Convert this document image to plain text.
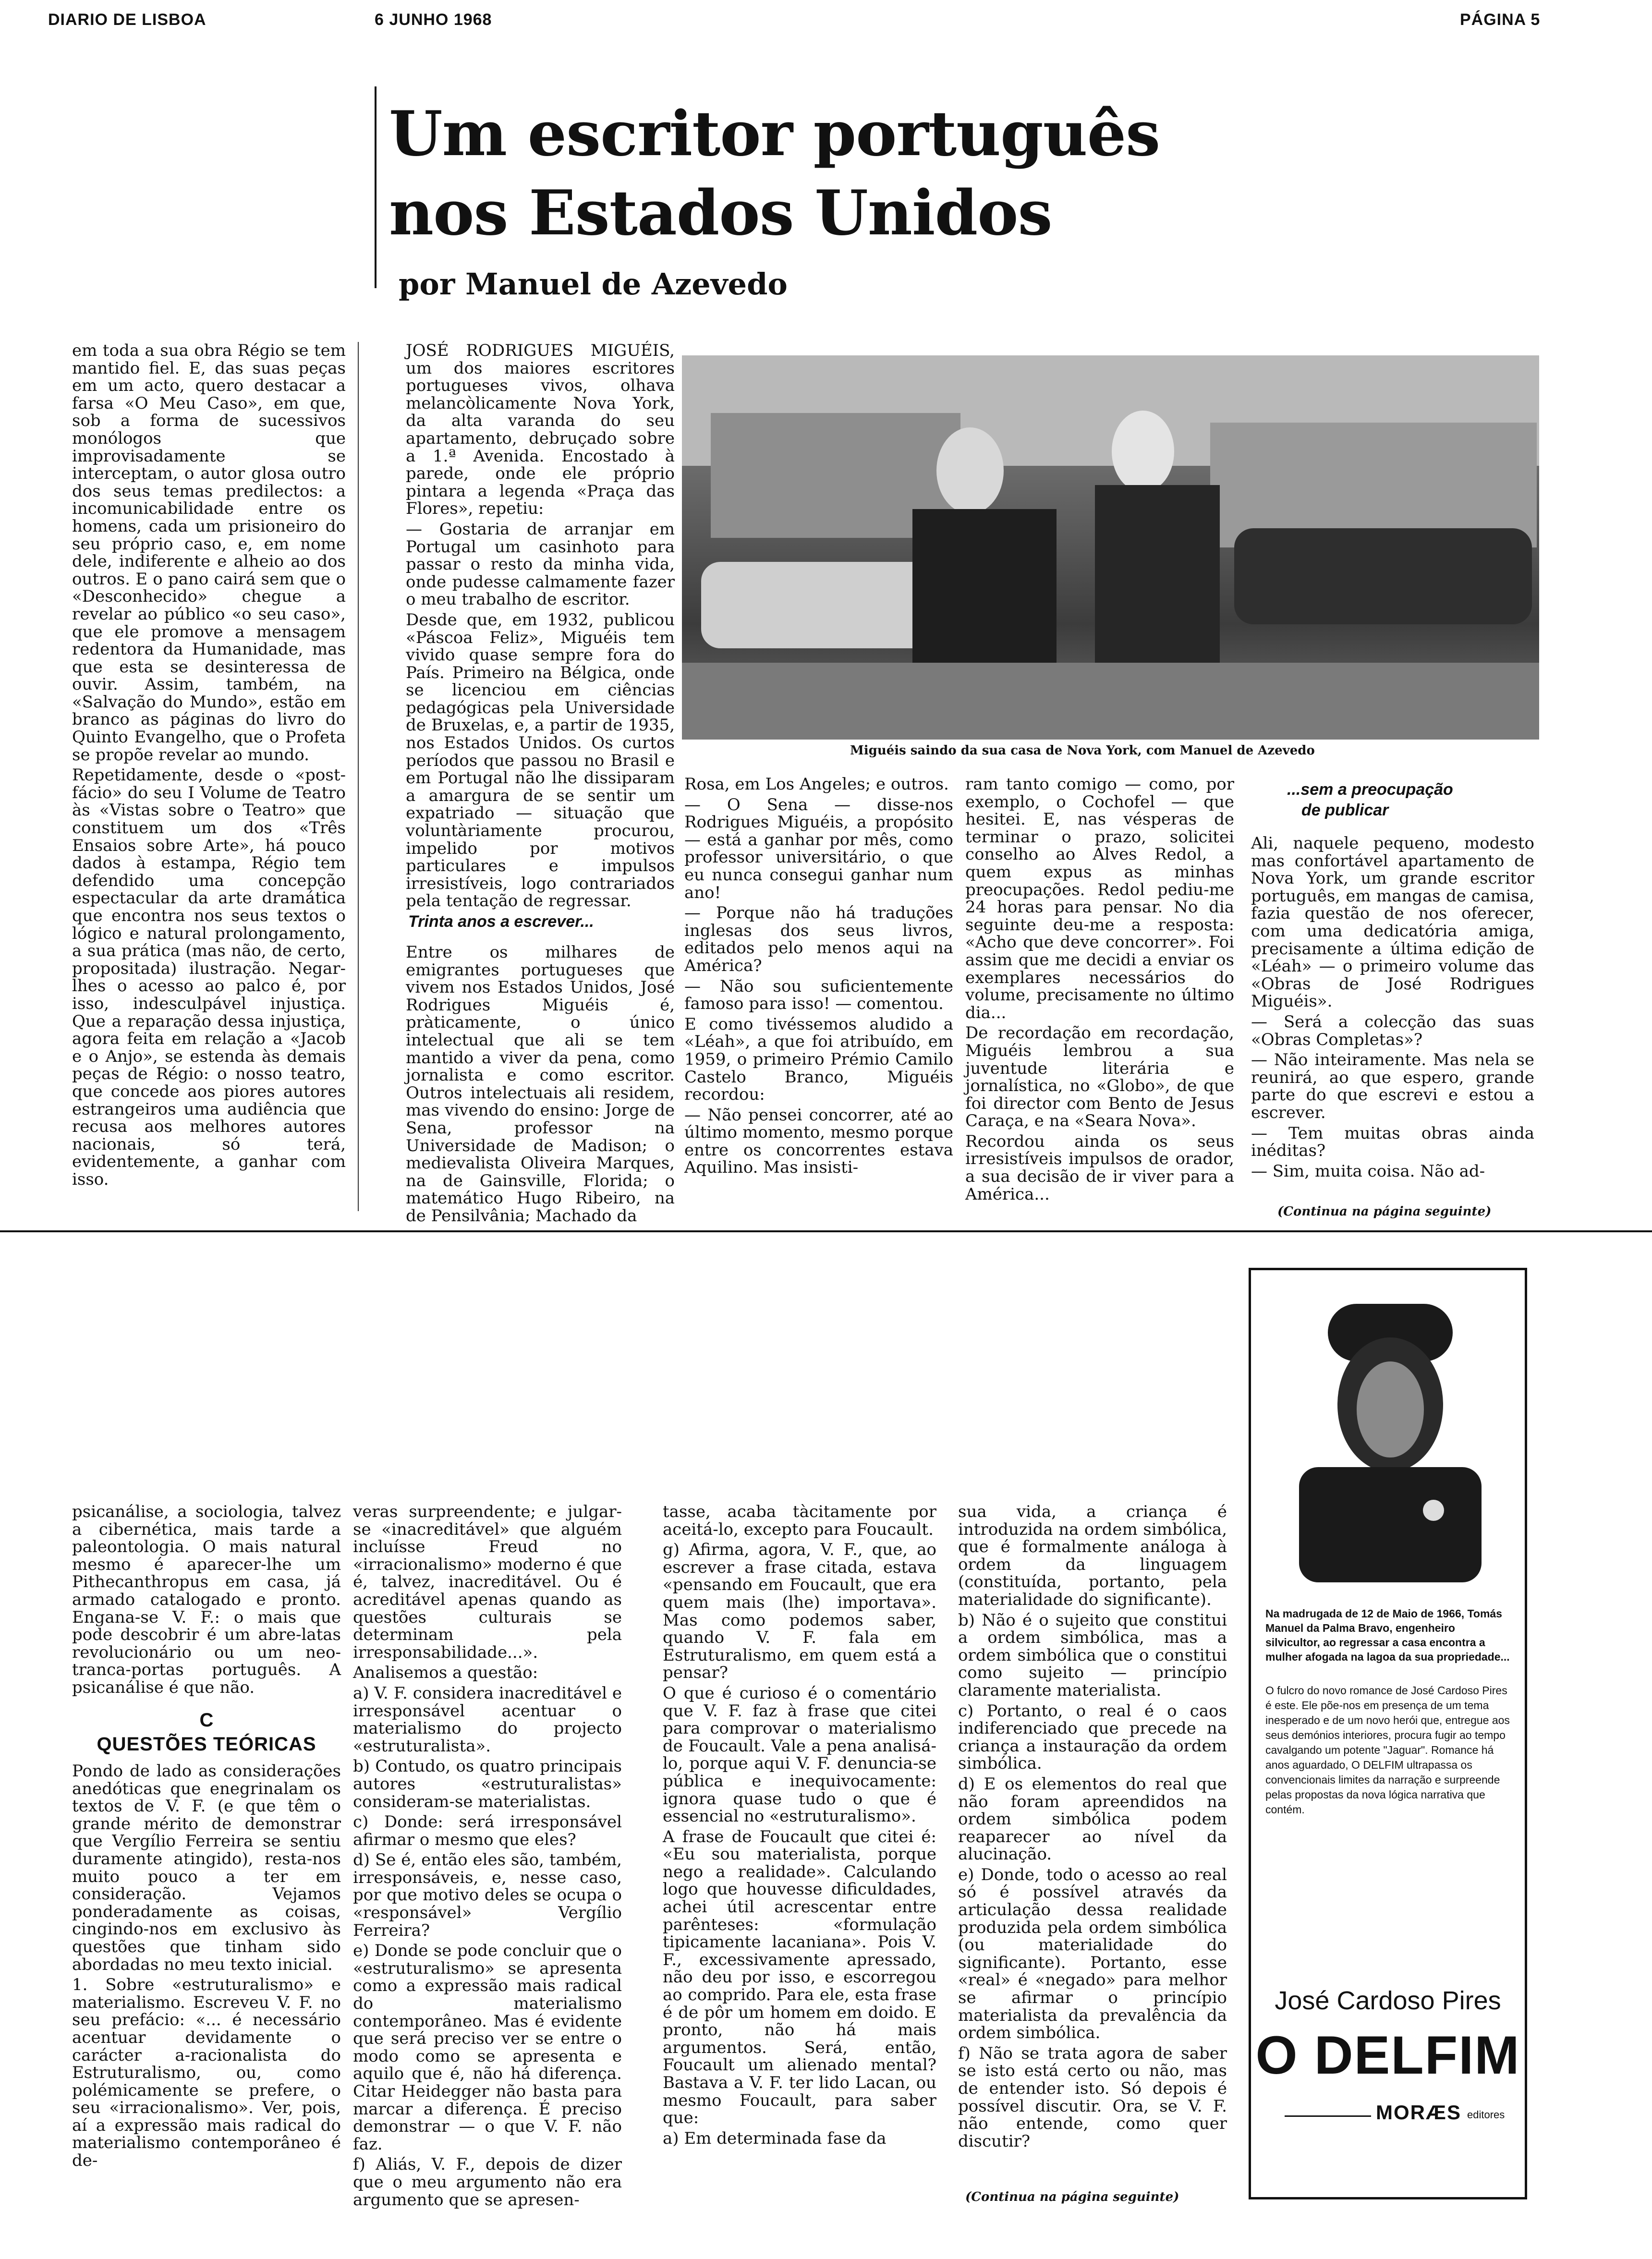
DIARIO DE LISBOA	6 JUNHO 1968	PÁGINA 5
Um escritor português
nos Estados Unidos
por Manuel de Azevedo

em toda a sua obra Régio se tem mantido fiel. E, das suas peças em um acto, quero destacar a farsa «O Meu Caso», em que, sob a forma de sucessivos monólogos que improvisadamente se interceptam, o autor glosa outro dos seus temas predilectos: a incomunicabilidade entre os homens, cada um prisioneiro do seu próprio caso, e, em nome dele, indiferente e alheio ao dos outros. E o pano cairá sem que o «Desconhecido» chegue a revelar ao público «o seu caso», que ele promove a mensagem redentora da Humanidade, mas que esta se desinteressa de ouvir. Assim, também, na «Salvação do Mundo», estão em branco as páginas do livro do Quinto Evangelho, que o Profeta se propõe revelar ao mundo.

Repetidamente, desde o «post-fácio» do seu I Volume de Teatro às «Vistas sobre o Teatro» que constituem um dos «Três Ensaios sobre Arte», há pouco dados à estampa, Régio tem defendido uma concepção espectacular da arte dramática que encontra nos seus textos o lógico e natural prolongamento, a sua prática (mas não, de certo, propositada) ilustração. Negar-lhes o acesso ao palco é, por isso, indesculpável injustiça. Que a reparação dessa injustiça, agora feita em relação a «Jacob e o Anjo», se estenda às demais peças de Régio: o nosso teatro, que concede aos piores autores estrangeiros uma audiência que recusa aos melhores autores nacionais, só terá, evidentemente, a ganhar com isso.

JOSÉ RODRIGUES MIGUÉIS, um dos maiores escritores portugueses vivos, olhava melancòlicamente Nova York, da alta varanda do seu apartamento, debruçado sobre a 1.ª Avenida. Encostado à parede, onde ele próprio pintara a legenda «Praça das Flores», repetiu:

— Gostaria de arranjar em Portugal um casinhoto para passar o resto da minha vida, onde pudesse calmamente fazer o meu trabalho de escritor.

Desde que, em 1932, publicou «Páscoa Feliz», Miguéis tem vivido quase sempre fora do País. Primeiro na Bélgica, onde se licenciou em ciências pedagógicas pela Universidade de Bruxelas, e, a partir de 1935, nos Estados Unidos. Os curtos períodos que passou no Brasil e em Portugal não lhe dissiparam a amargura de se sentir um expatriado — situação que voluntàriamente procurou, impelido por motivos particulares e impulsos irresistíveis, logo contrariados pela tentação de regressar.

Trinta anos a escrever...

Entre os milhares de emigrantes portugueses que vivem nos Estados Unidos, José Rodrigues Miguéis é, pràticamente, o único intelectual que ali se tem mantido a viver da pena, como jornalista e como escritor. Outros intelectuais ali residem, mas vivendo do ensino: Jorge de Sena, professor na Universidade de Madison; o medievalista Oliveira Marques, na de Gainsville, Florida; o matemático Hugo Ribeiro, na de Pensilvânia; Machado da

Miguéis saindo da sua casa de Nova York, com Manuel de Azevedo

Rosa, em Los Angeles; e outros.

— O Sena — disse-nos Rodrigues Miguéis, a propósito — está a ganhar por mês, como professor universitário, o que eu nunca consegui ganhar num ano!

— Porque não há traduções inglesas dos seus livros, editados pelo menos aqui na América?

— Não sou suficientemente famoso para isso! — comentou.

E como tivéssemos aludido a «Léah», a que foi atribuído, em 1959, o primeiro Prémio Camilo Castelo Branco, Miguéis recordou:

— Não pensei concorrer, até ao último momento, mesmo porque entre os concorrentes estava Aquilino. Mas insisti-

ram tanto comigo — como, por exemplo, o Cochofel — que hesitei. E, nas vésperas de terminar o prazo, solicitei conselho ao Alves Redol, a quem expus as minhas preocupações. Redol pediu-me 24 horas para pensar. No dia seguinte deu-me a resposta: «Acho que deve concorrer». Foi assim que me decidi a enviar os exemplares necessários do volume, precisamente no último dia...

De recordação em recordação, Miguéis lembrou a sua juventude literária e jornalística, no «Globo», de que foi director com Bento de Jesus Caraça, e na «Seara Nova».

Recordou ainda os seus irresistíveis impulsos de orador, a sua decisão de ir viver para a América...

...sem a preocupação
de publicar

Ali, naquele pequeno, modesto mas confortável apartamento de Nova York, um grande escritor português, em mangas de camisa, fazia questão de nos oferecer, com uma dedicatória amiga, precisamente a última edição de «Léah» — o primeiro volume das «Obras de José Rodrigues Miguéis».

— Será a colecção das suas «Obras Completas»?

— Não inteiramente. Mas nela se reunirá, ao que espero, grande parte do que escrevi e estou a escrever.

— Tem muitas obras ainda inéditas?

— Sim, muita coisa. Não ad-

(Continua na página seguinte)

psicanálise, a sociologia, talvez a cibernética, mais tarde a paleontologia. O mais natural mesmo é aparecer-lhe um Pithecanthropus em casa, já armado catalogado e pronto. Engana-se V. F.: o mais que pode descobrir é um abre-latas revolucionário ou um neo-tranca-portas português. A psicanálise é que não.

C
QUESTÕES TEÓRICAS

Pondo de lado as considerações anedóticas que enegrinalam os textos de V. F. (e que têm o grande mérito de demonstrar que Vergílio Ferreira se sentiu duramente atingido), resta-nos muito pouco a ter em consideração. Vejamos ponderadamente as coisas, cingindo-nos em exclusivo às questões que tinham sido abordadas no meu texto inicial.

1. Sobre «estruturalismo» e materialismo. Escreveu V. F. no seu prefácio: «... é necessário acentuar devidamente o carácter a-racionalista do Estruturalismo, ou, como polémicamente se prefere, o seu «irracionalismo». Ver, pois, aí a expressão mais radical do materialismo contemporâneo é de-

veras surpreendente; e julgar-se «inacreditável» que alguém incluísse Freud no «irracionalismo» moderno é que é, talvez, inacreditável. Ou é acreditável apenas quando as questões culturais se determinam pela irresponsabilidade...».

Analisemos a questão:

a) V. F. considera inacreditável e irresponsável acentuar o materialismo do projecto «estruturalista».

b) Contudo, os quatro principais autores «estruturalistas» consideram-se materialistas.

c) Donde: será irresponsável afirmar o mesmo que eles?

d) Se é, então eles são, também, irresponsáveis, e, nesse caso, por que motivo deles se ocupa o «responsável» Vergílio Ferreira?

e) Donde se pode concluir que o «estruturalismo» se apresenta como a expressão mais radical do materialismo contemporâneo. Mas é evidente que será preciso ver se entre o modo como se apresenta e aquilo que é, não há diferença. Citar Heidegger não basta para marcar a diferença. É preciso demonstrar — o que V. F. não faz.

f) Aliás, V. F., depois de dizer que o meu argumento não era argumento que se apresen-

tasse, acaba tàcitamente por aceitá-lo, excepto para Foucault.

g) Afirma, agora, V. F., que, ao escrever a frase citada, estava «pensando em Foucault, que era quem mais (lhe) importava». Mas como podemos saber, quando V. F. fala em Estruturalismo, em quem está a pensar?

O que é curioso é o comentário que V. F. faz à frase que citei para comprovar o materialismo de Foucault. Vale a pena analisá-lo, porque aqui V. F. denuncia-se pública e inequivocamente: ignora quase tudo o que é essencial no «estruturalismo».

A frase de Foucault que citei é: «Eu sou materialista, porque nego a realidade». Calculando logo que houvesse dificuldades, achei útil acrescentar entre parênteses: «formulação tipicamente lacaniana». Pois V. F., excessivamente apressado, não deu por isso, e escorregou ao comprido. Para ele, esta frase é de pôr um homem em doido. E pronto, não há mais argumentos. Será, então, Foucault um alienado mental? Bastava a V. F. ter lido Lacan, ou mesmo Foucault, para saber que:

a) Em determinada fase da

sua vida, a criança é introduzida na ordem simbólica, que é formalmente análoga à ordem da linguagem (constituída, portanto, pela materialidade do significante).

b) Não é o sujeito que constitui a ordem simbólica, mas a ordem simbólica que o constitui como sujeito — princípio claramente materialista.

c) Portanto, o real é o caos indiferenciado que precede na criança a instauração da ordem simbólica.

d) E os elementos do real que não foram apreendidos na ordem simbólica podem reaparecer ao nível da alucinação.

e) Donde, todo o acesso ao real só é possível através da articulação dessa realidade produzida pela ordem simbólica (ou materialidade do significante). Portanto, esse «real» é «negado» para melhor se afirmar o princípio materialista da prevalência da ordem simbólica.

f) Não se trata agora de saber se isto está certo ou não, mas de entender isto. Só depois é possível discutir. Ora, se V. F. não entende, como quer discutir?

(Continua na página seguinte)
Na madrugada de 12 de Maio de 1966, Tomás Manuel da Palma Bravo, engenheiro silvicultor, ao regressar a casa encontra a mulher afogada na lagoa da sua propriedade...
O fulcro do novo romance de José Cardoso Pires é este. Ele põe-nos em presença de um tema inesperado e de um novo herói que, entregue aos seus demónios interiores, procura fugir ao tempo cavalgando um potente "Jaguar". Romance há anos aguardado, O DELFIM ultrapassa os convencionais limites da narração e surpreende pelas propostas da nova lógica narrativa que contém.
José Cardoso Pires
O DELFIM
MORÆS editores
